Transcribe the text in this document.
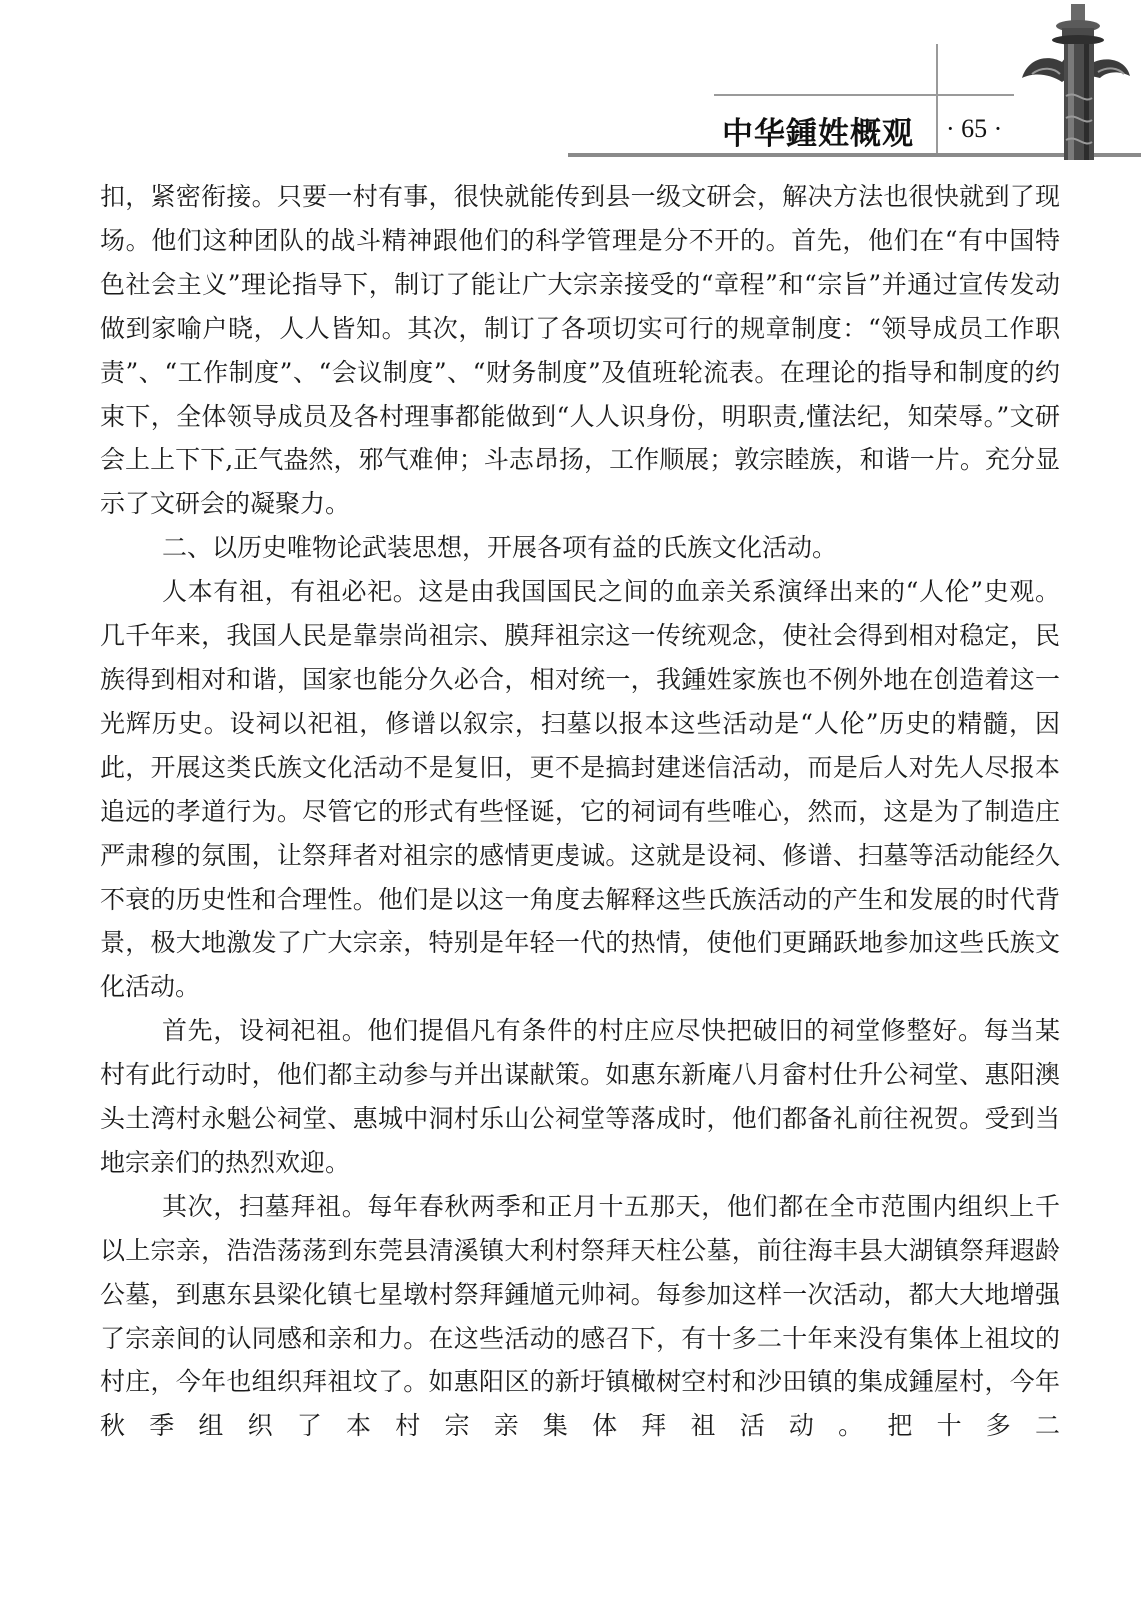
中华鍾姓概观 · 65 ·

扣，紧密衔接。只要一村有事，很快就能传到县一级文研会，解决方法也很快就到了现场。他们这种团队的战斗精神跟他们的科学管理是分不开的。首先，他们在“有中国特色社会主义”理论指导下，制订了能让广大宗亲接受的“章程”和“宗旨”并通过宣传发动做到家喻户晓，人人皆知。其次，制订了各项切实可行的规章制度：“领导成员工作职责”、“工作制度”、“会议制度”、“财务制度”及值班轮流表。在理论的指导和制度的约束下，全体领导成员及各村理事都能做到“人人识身份，明职责,懂法纪，知荣辱。”文研会上上下下,正气盎然，邪气难伸；斗志昂扬，工作顺展；敦宗睦族，和谐一片。充分显示了文研会的凝聚力。

二、以历史唯物论武装思想，开展各项有益的氏族文化活动。

人本有祖，有祖必祀。这是由我国国民之间的血亲关系演绎出来的“人伦”史观。几千年来，我国人民是靠崇尚祖宗、膜拜祖宗这一传统观念，使社会得到相对稳定，民族得到相对和谐，国家也能分久必合，相对统一，我鍾姓家族也不例外地在创造着这一光辉历史。设祠以祀祖，修谱以叙宗，扫墓以报本这些活动是“人伦”历史的精髓，因此，开展这类氏族文化活动不是复旧，更不是搞封建迷信活动，而是后人对先人尽报本追远的孝道行为。尽管它的形式有些怪诞，它的祠词有些唯心，然而，这是为了制造庄严肃穆的氛围，让祭拜者对祖宗的感情更虔诚。这就是设祠、修谱、扫墓等活动能经久不衰的历史性和合理性。他们是以这一角度去解释这些氏族活动的产生和发展的时代背景，极大地激发了广大宗亲，特别是年轻一代的热情，使他们更踊跃地参加这些氏族文化活动。

首先，设祠祀祖。他们提倡凡有条件的村庄应尽快把破旧的祠堂修整好。每当某村有此行动时，他们都主动参与并出谋献策。如惠东新庵八月畲村仕升公祠堂、惠阳澳头土湾村永魁公祠堂、惠城中洞村乐山公祠堂等落成时，他们都备礼前往祝贺。受到当地宗亲们的热烈欢迎。

其次，扫墓拜祖。每年春秋两季和正月十五那天，他们都在全市范围内组织上千以上宗亲，浩浩荡荡到东莞县清溪镇大利村祭拜天柱公墓，前往海丰县大湖镇祭拜遐龄公墓，到惠东县梁化镇七星墩村祭拜鍾馗元帅祠。每参加这样一次活动，都大大地增强了宗亲间的认同感和亲和力。在这些活动的感召下，有十多二十年来没有集体上祖坟的村庄，今年也组织拜祖坟了。如惠阳区的新圩镇橄树空村和沙田镇的集成鍾屋村，今年秋季组织了本村宗亲集体拜祖活动。把十多二
